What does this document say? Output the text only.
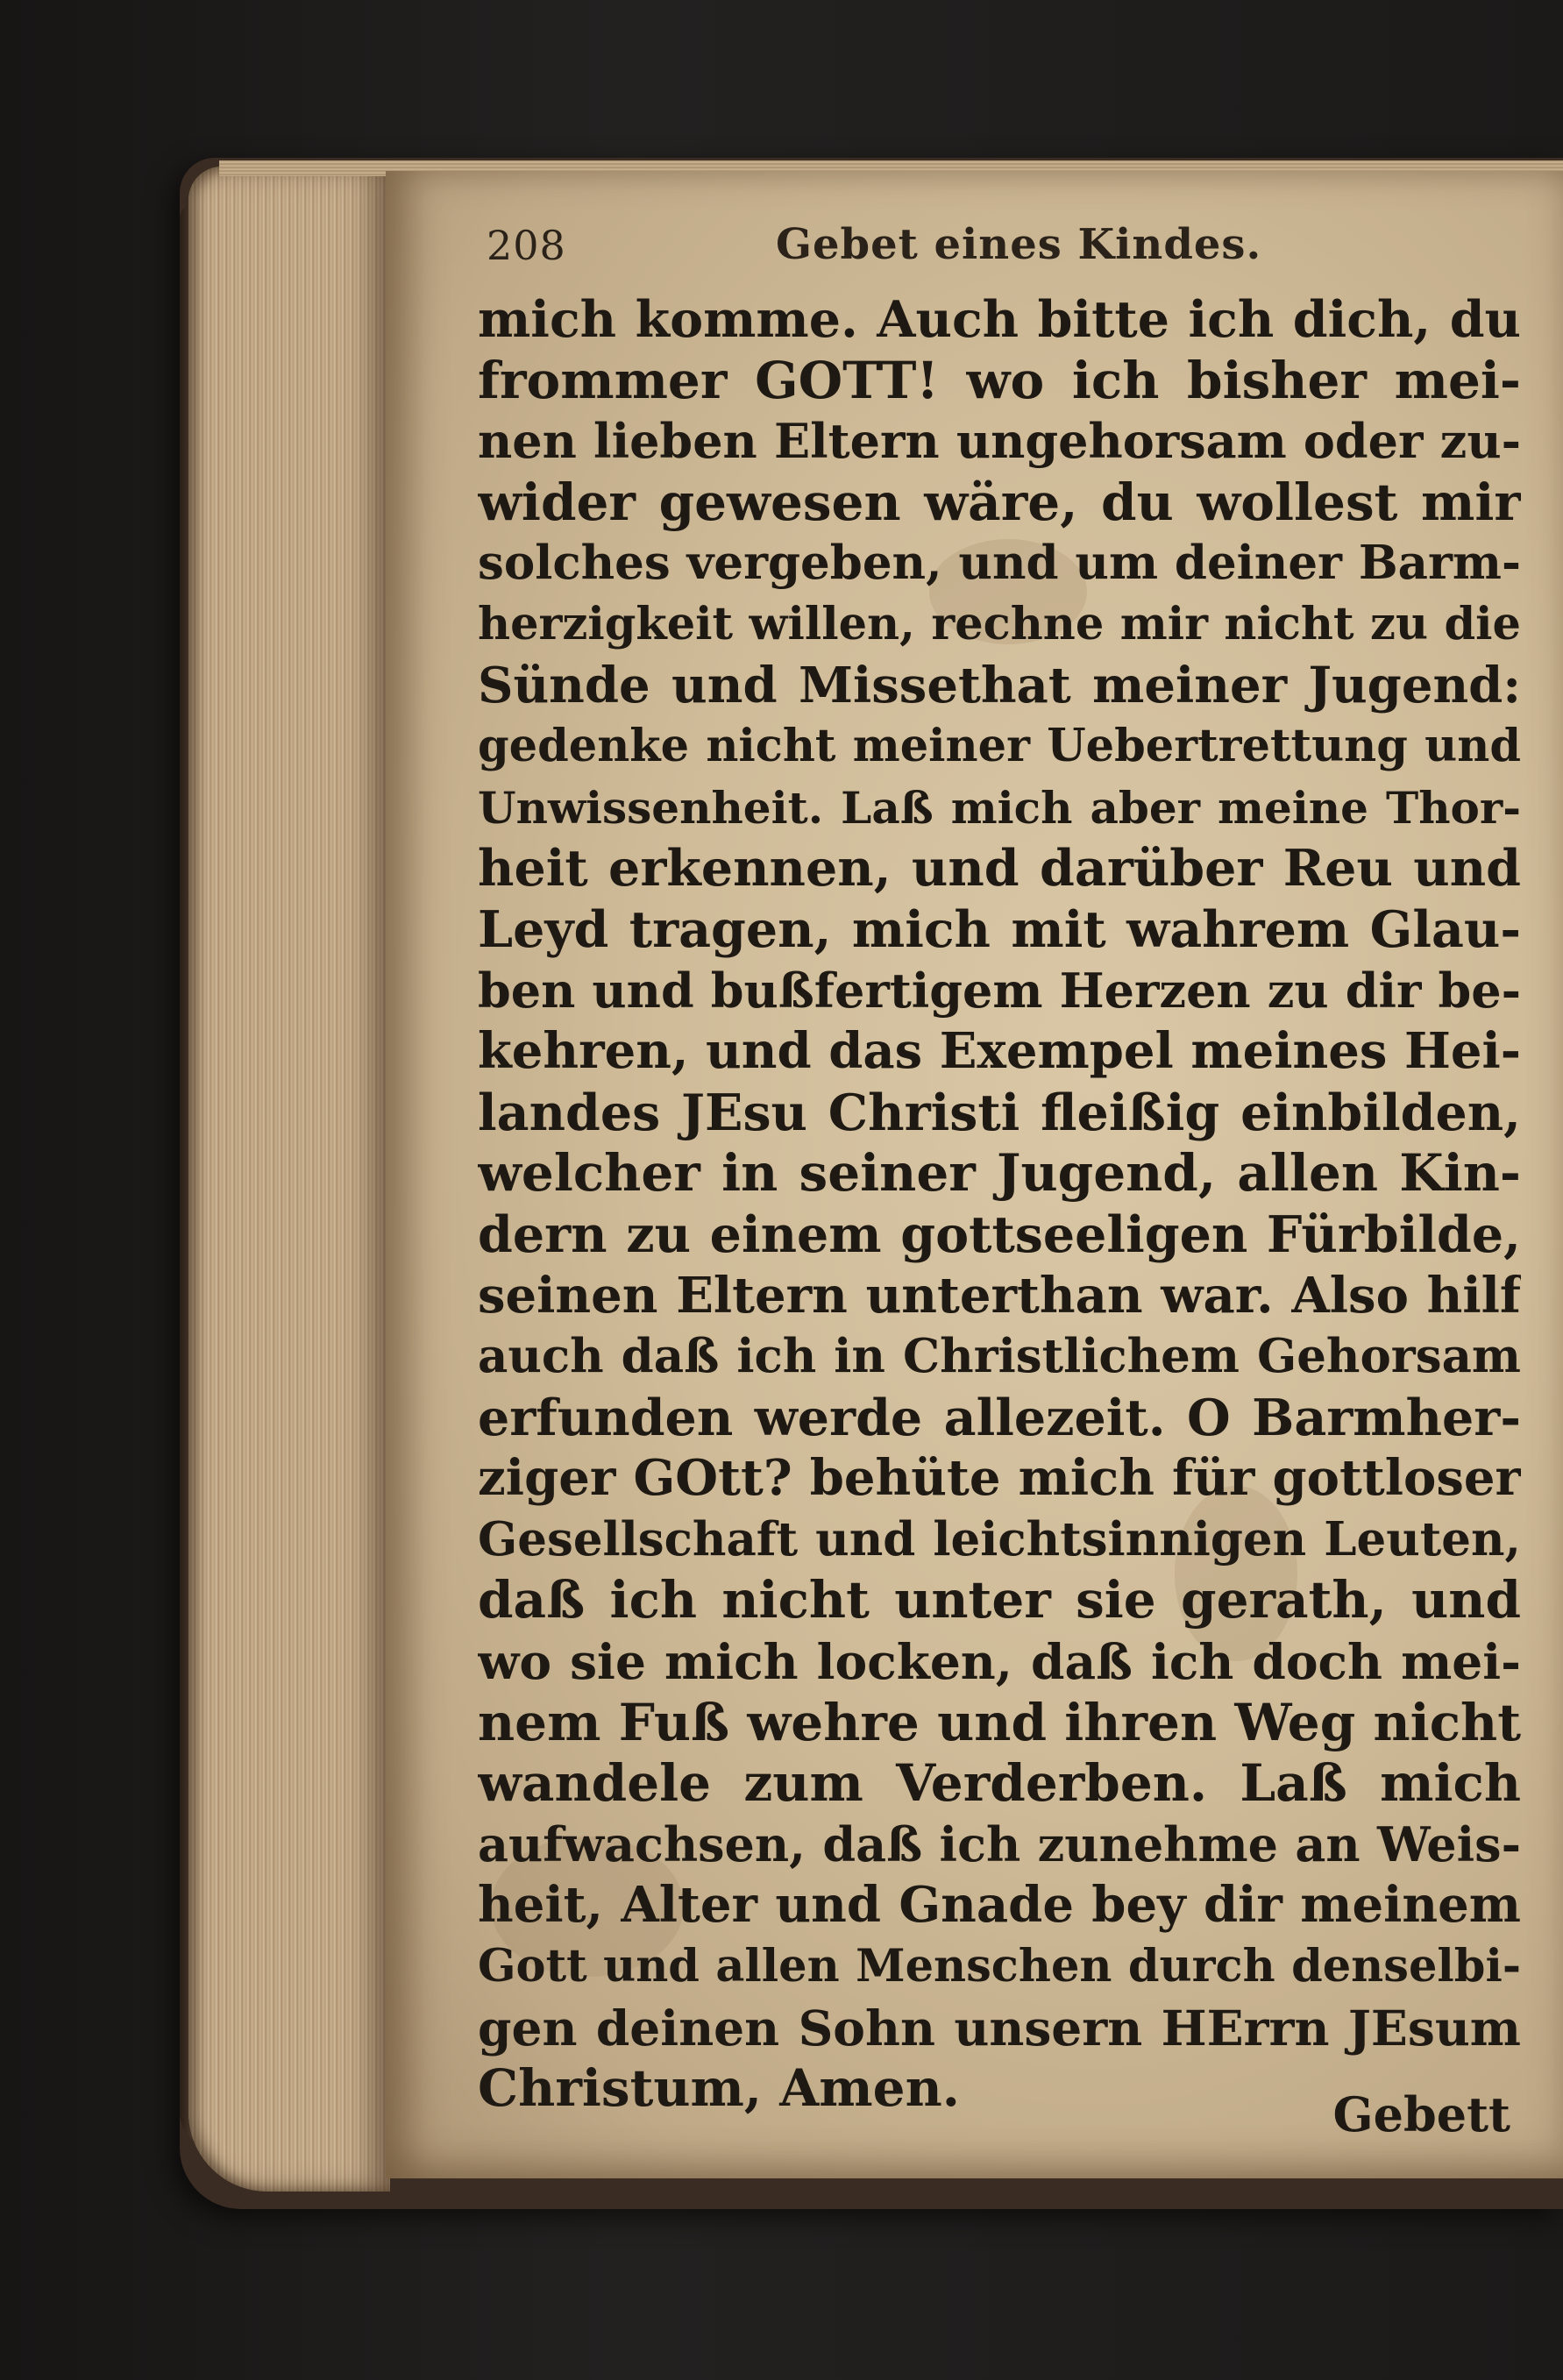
208	Gebet eines Kindes.
mich komme. Auch bitte ich dich, du
frommer GOTT! wo ich bisher mei-
nen lieben Eltern ungehorsam oder zu-
wider gewesen wäre, du wollest mir
solches vergeben, und um deiner Barm-
herzigkeit willen, rechne mir nicht zu die
Sünde und Missethat meiner Jugend:
gedenke nicht meiner Uebertrettung und
Unwissenheit. Laß mich aber meine Thor-
heit erkennen, und darüber Reu und
Leyd tragen, mich mit wahrem Glau-
ben und bußfertigem Herzen zu dir be-
kehren, und das Exempel meines Hei-
landes JEsu Christi fleißig einbilden,
welcher in seiner Jugend, allen Kin-
dern zu einem gottseeligen Fürbilde,
seinen Eltern unterthan war. Also hilf
auch daß ich in Christlichem Gehorsam
erfunden werde allezeit. O Barmher-
ziger GOtt? behüte mich für gottloser
Gesellschaft und leichtsinnigen Leuten,
daß ich nicht unter sie gerath, und
wo sie mich locken, daß ich doch mei-
nem Fuß wehre und ihren Weg nicht
wandele zum Verderben. Laß mich
aufwachsen, daß ich zunehme an Weis-
heit, Alter und Gnade bey dir meinem
Gott und allen Menschen durch denselbi-
gen deinen Sohn unsern HErrn JEsum
Christum, Amen.	Gebett
